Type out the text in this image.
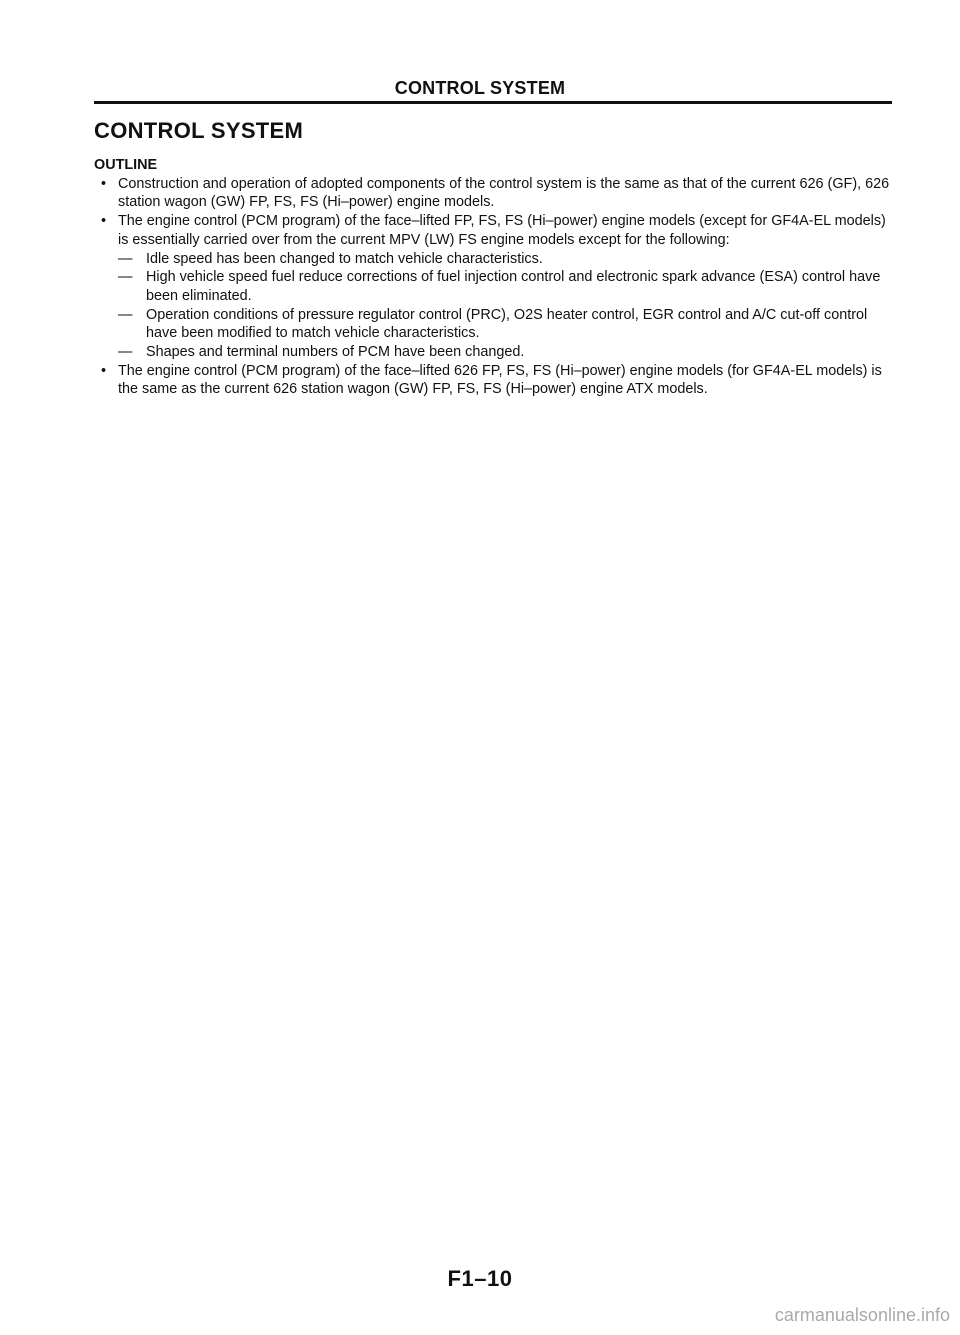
CONTROL SYSTEM
CONTROL SYSTEM

OUTLINE

• Construction and operation of adopted components of the control system is the same as that of the current 626 (GF), 626 station wagon (GW) FP, FS, FS (Hi–power) engine models.
• The engine control (PCM program) of the face–lifted FP, FS, FS (Hi–power) engine models (except for GF4A-EL models) is essentially carried over from the current MPV (LW) FS engine models except for the following:
— Idle speed has been changed to match vehicle characteristics.
— High vehicle speed fuel reduce corrections of fuel injection control and electronic spark advance (ESA) control have been eliminated.
— Operation conditions of pressure regulator control (PRC), O2S heater control, EGR control and A/C cut-off control have been modified to match vehicle characteristics.
— Shapes and terminal numbers of PCM have been changed.
• The engine control (PCM program) of the face–lifted 626 FP, FS, FS (Hi–power) engine models (for GF4A-EL models) is the same as the current 626 station wagon (GW) FP, FS, FS (Hi–power) engine ATX models.
F1–10
carmanualsonline.info
